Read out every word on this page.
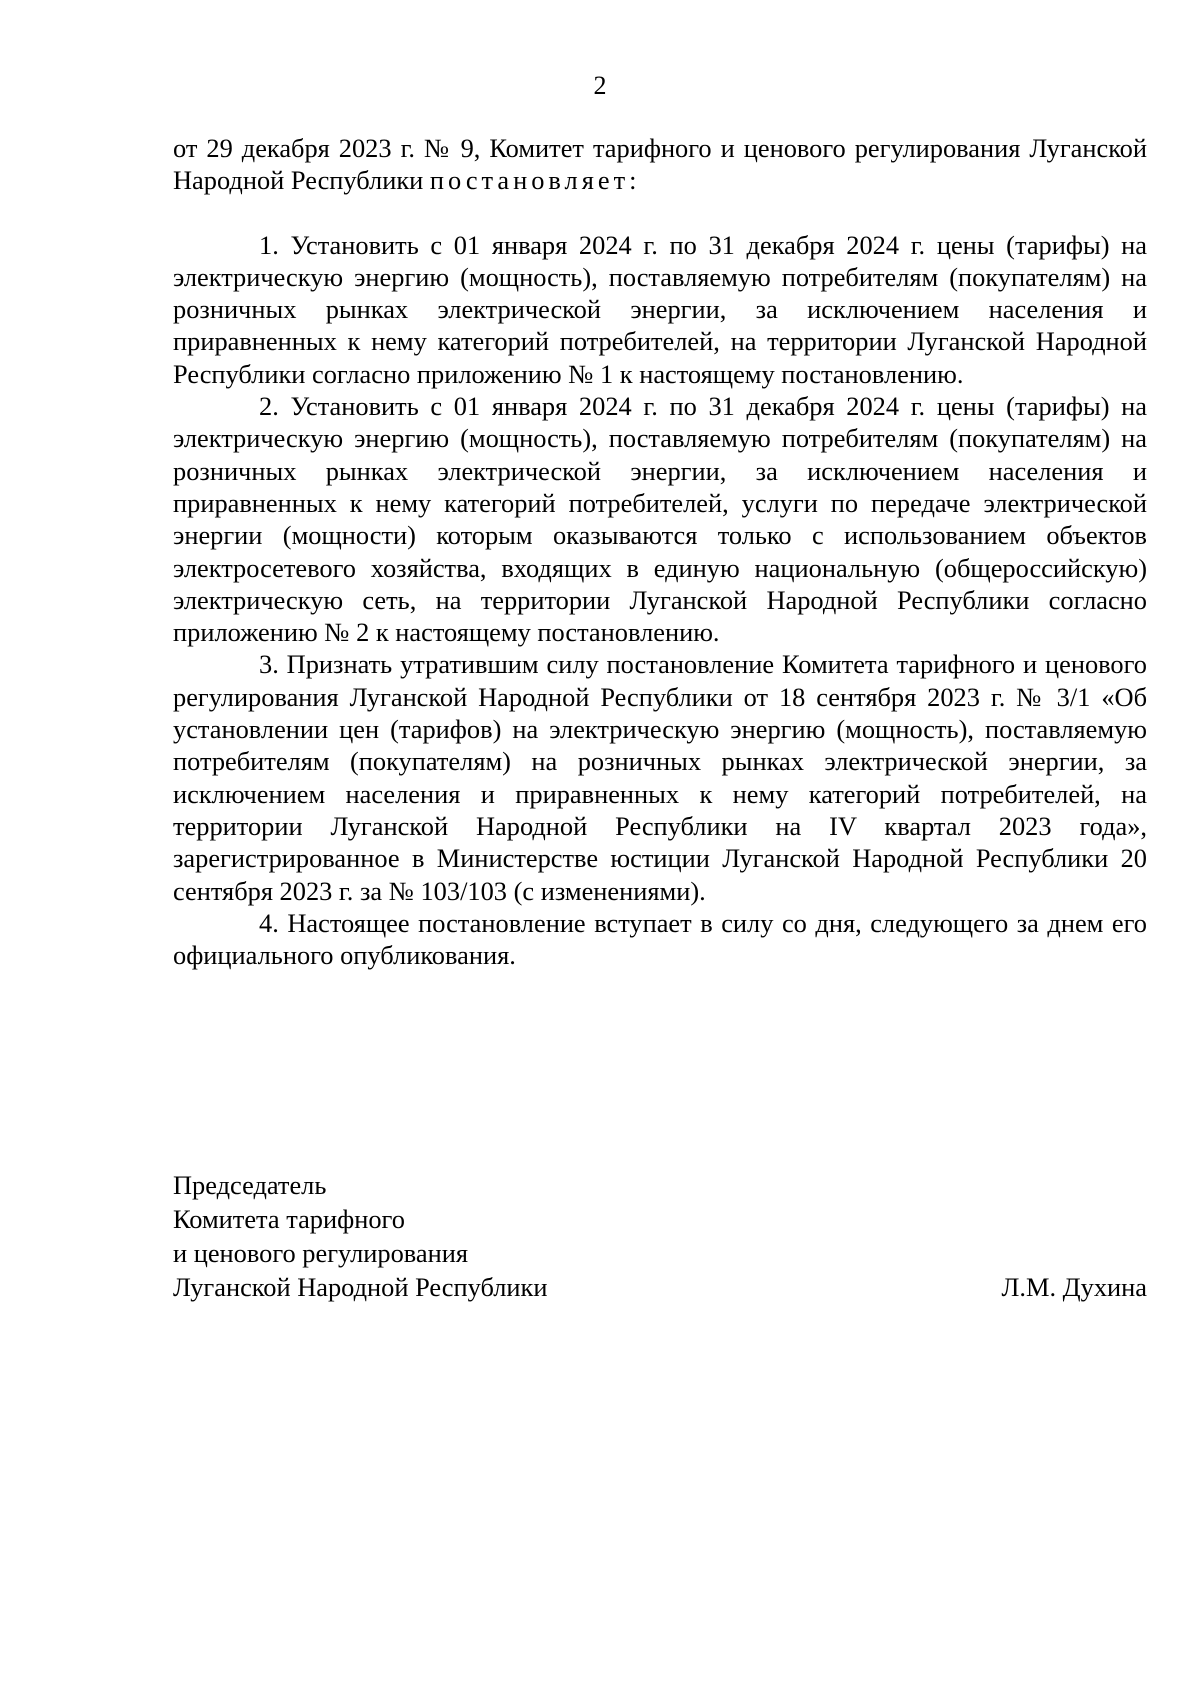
2

от 29 декабря 2023 г. № 9, Комитет тарифного и ценового регулирования Луганской Народной Республики постановляет:

1. Установить с 01 января 2024 г. по 31 декабря 2024 г. цены (тарифы) на электрическую энергию (мощность), поставляемую потребителям (покупателям) на розничных рынках электрической энергии, за исключением населения и приравненных к нему категорий потребителей, на территории Луганской Народной Республики согласно приложению № 1 к настоящему постановлению.

2. Установить с 01 января 2024 г. по 31 декабря 2024 г. цены (тарифы) на электрическую энергию (мощность), поставляемую потребителям (покупателям) на розничных рынках электрической энергии, за исключением населения и приравненных к нему категорий потребителей, услуги по передаче электрической энергии (мощности) которым оказываются только с использованием объектов электросетевого хозяйства, входящих в единую национальную (общероссийскую) электрическую сеть, на территории Луганской Народной Республики согласно приложению № 2 к настоящему постановлению.

3. Признать утратившим силу постановление Комитета тарифного и ценового регулирования Луганской Народной Республики от 18 сентября 2023 г. № 3/1 «Об установлении цен (тарифов) на электрическую энергию (мощность), поставляемую потребителям (покупателям) на розничных рынках электрической энергии, за исключением населения и приравненных к нему категорий потребителей, на территории Луганской Народной Республики на IV квартал 2023 года», зарегистрированное в Министерстве юстиции Луганской Народной Республики 20 сентября 2023 г. за № 103/103 (с изменениями).

4. Настоящее постановление вступает в силу со дня, следующего за днем его официального опубликования.

Председатель
Комитета тарифного
и ценового регулирования
Луганской Народной Республики	Л.М. Духина
